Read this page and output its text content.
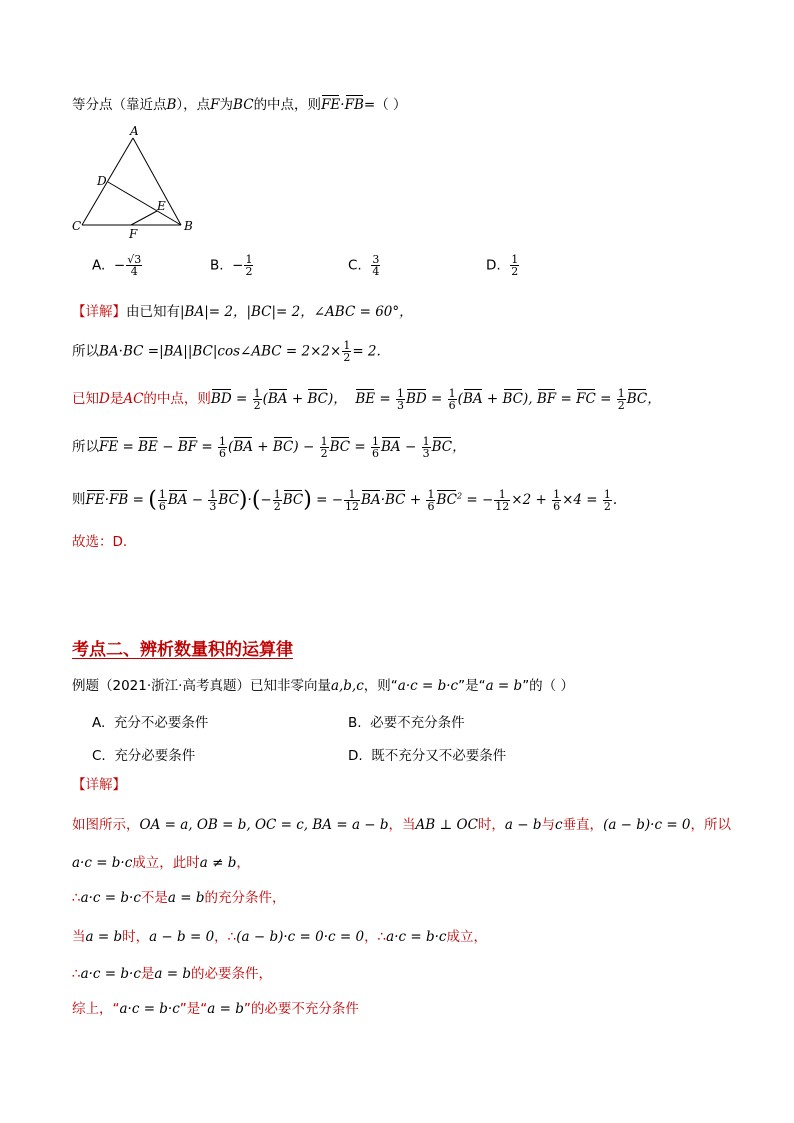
等分点（靠近点B），点F为BC的中点，则FE·FB=（ ）
A
C	B
D
E
F
A. − $\frac{√3}{4}$	B. − $\frac{1}{2}$	C. $\frac{3}{4}$	D. $\frac{1}{2}$
【详解】由已知有|BA|= 2，|BC|= 2，∠ABC = 60°，
所以BA·BC =|BA||BC|cos∠ABC = $2\times 2\times \frac{1}{2} = 2$.
已知D是AC的中点，则BD = $\frac{1}{2} (BA + BC)$，  BE = $\frac{1}{3}$ BD = $\frac{1}{6} (BA + BC)$, BF = FC = $\frac{1}{2}$ BC，
所以FE = BE − BF = $\frac{1}{6} (BA + BC) - \frac{1}{2}$ BC = $\frac{1}{6}$ BA − $\frac{1}{3}$ BC，
则FE·FB = ( $\frac{1}{6}$ BA − $\frac{1}{3} BC)\cdot(- \frac{1}{2} BC)$ = − $\frac{1}{12} BA\cdot BC + \frac{1}{6} BC^2$ = − $\frac{1}{12} \times 2 + \frac{1}{6} \times 4 = \frac{1}{2}$ .
故选：D.
考点二、辨析数量积的运算律
例题（2021·浙江·高考真题）已知非零向量a,b,c，则“a·c = b·c”是“a = b”的（ ）
A. 充分不必要条件	B. 必要不充分条件
C. 充分必要条件	D. 既不充分又不必要条件
【详解】
如图所示，OA = a, OB = b, OC = c, BA = a − b，当AB ⊥ OC时，a − b与c垂直，(a − b)·c = 0，所以
a·c = b·c成立，此时a ≠ b，
∴a·c = b·c不是a = b的充分条件，
当a = b时，a − b = 0，∴(a − b)·c = 0·c = 0，∴a·c = b·c成立，
∴a·c = b·c是a = b的必要条件，
综上，“a·c = b·c”是“a = b”的必要不充分条件
